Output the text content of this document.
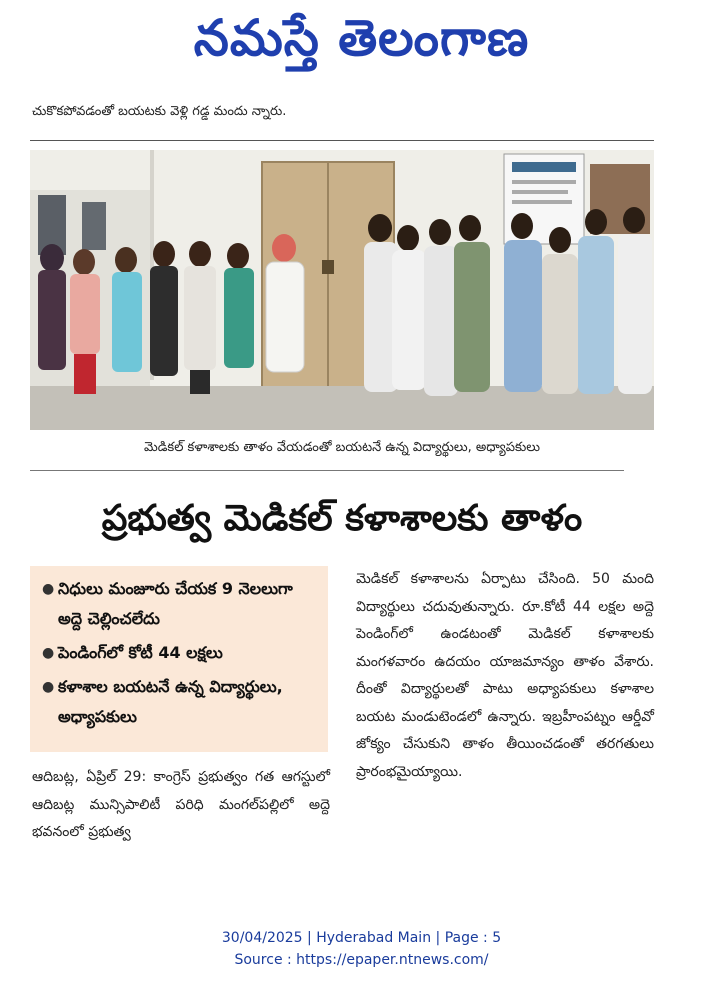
నమస్తే తెలంగాణ
చుకొకపోవడంతో బయటకు వెళ్లి గడ్డ మందు న్నారు.
మెడికల్ కళాశాలకు తాళం వేయడంతో బయటనే ఉన్న విద్యార్థులు, అధ్యాపకులు
ప్రభుత్వ మెడికల్ కళాశాలకు తాళం
● నిధులు మంజూరు చేయక 9 నెలలుగా అద్దె చెల్లించలేదు
● పెండింగ్‌లో కోటీ 44 లక్షలు
● కళాశాల బయటనే ఉన్న విద్యార్థులు, అధ్యాపకులు
మెడికల్ కళాశాలను ఏర్పాటు చేసింది. 50 మంది విద్యార్థులు చదువుతున్నారు. రూ.కోటీ 44 లక్షల అద్దె పెండింగ్‌లో ఉండటంతో మెడికల్ కళాశాలకు మంగళవారం ఉదయం యాజమాన్యం తాళం వేశారు. దీంతో విద్యార్థులతో పాటు అధ్యాపకులు కళాశాల బయట మండుటెండలో ఉన్నారు. ఇబ్రహీంపట్నం ఆర్డీవో జోక్యం చేసుకుని తాళం తీయించడంతో తరగతులు ప్రారంభమైయ్యాయి.
ఆదిబట్ల, ఏప్రిల్ 29: కాంగ్రెస్ ప్రభుత్వం గత ఆగస్టులో ఆదిబట్ల మున్సిపాలిటీ పరిధి మంగల్‌పల్లిలో అద్దె భవనంలో ప్రభుత్వ
30/04/2025 | Hyderabad Main | Page : 5
Source : https://epaper.ntnews.com/
